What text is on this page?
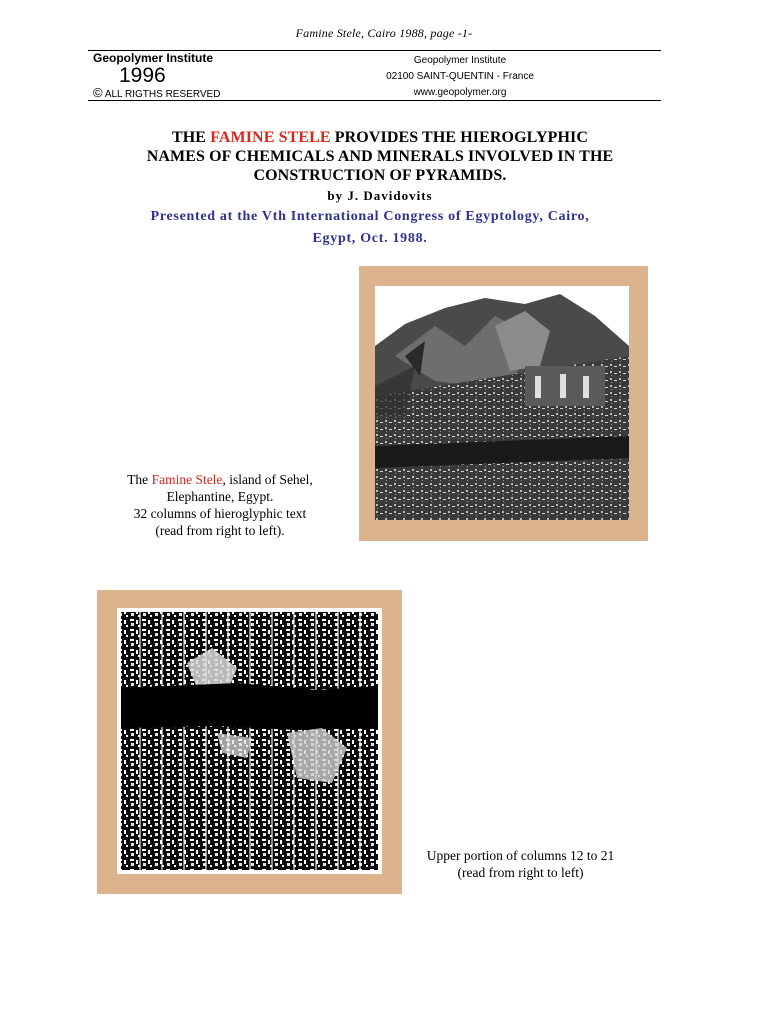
Famine Stele, Cairo 1988, page -1-
Geopolymer Institute
1996
© ALL RIGTHS RESERVED
Geopolymer Institute
02100 SAINT-QUENTIN - France
www.geopolymer.org
THE FAMINE STELE PROVIDES THE HIEROGLYPHIC
NAMES OF CHEMICALS AND MINERALS INVOLVED IN THE
CONSTRUCTION OF PYRAMIDS.
by J. Davidovits
Presented at the Vth International Congress of Egyptology, Cairo,
Egypt, Oct. 1988.
The Famine Stele, island of Sehel,
Elephantine, Egypt.
32 columns of hieroglyphic text
(read from right to left).
Upper portion of columns 12 to 21
(read from right to left)
